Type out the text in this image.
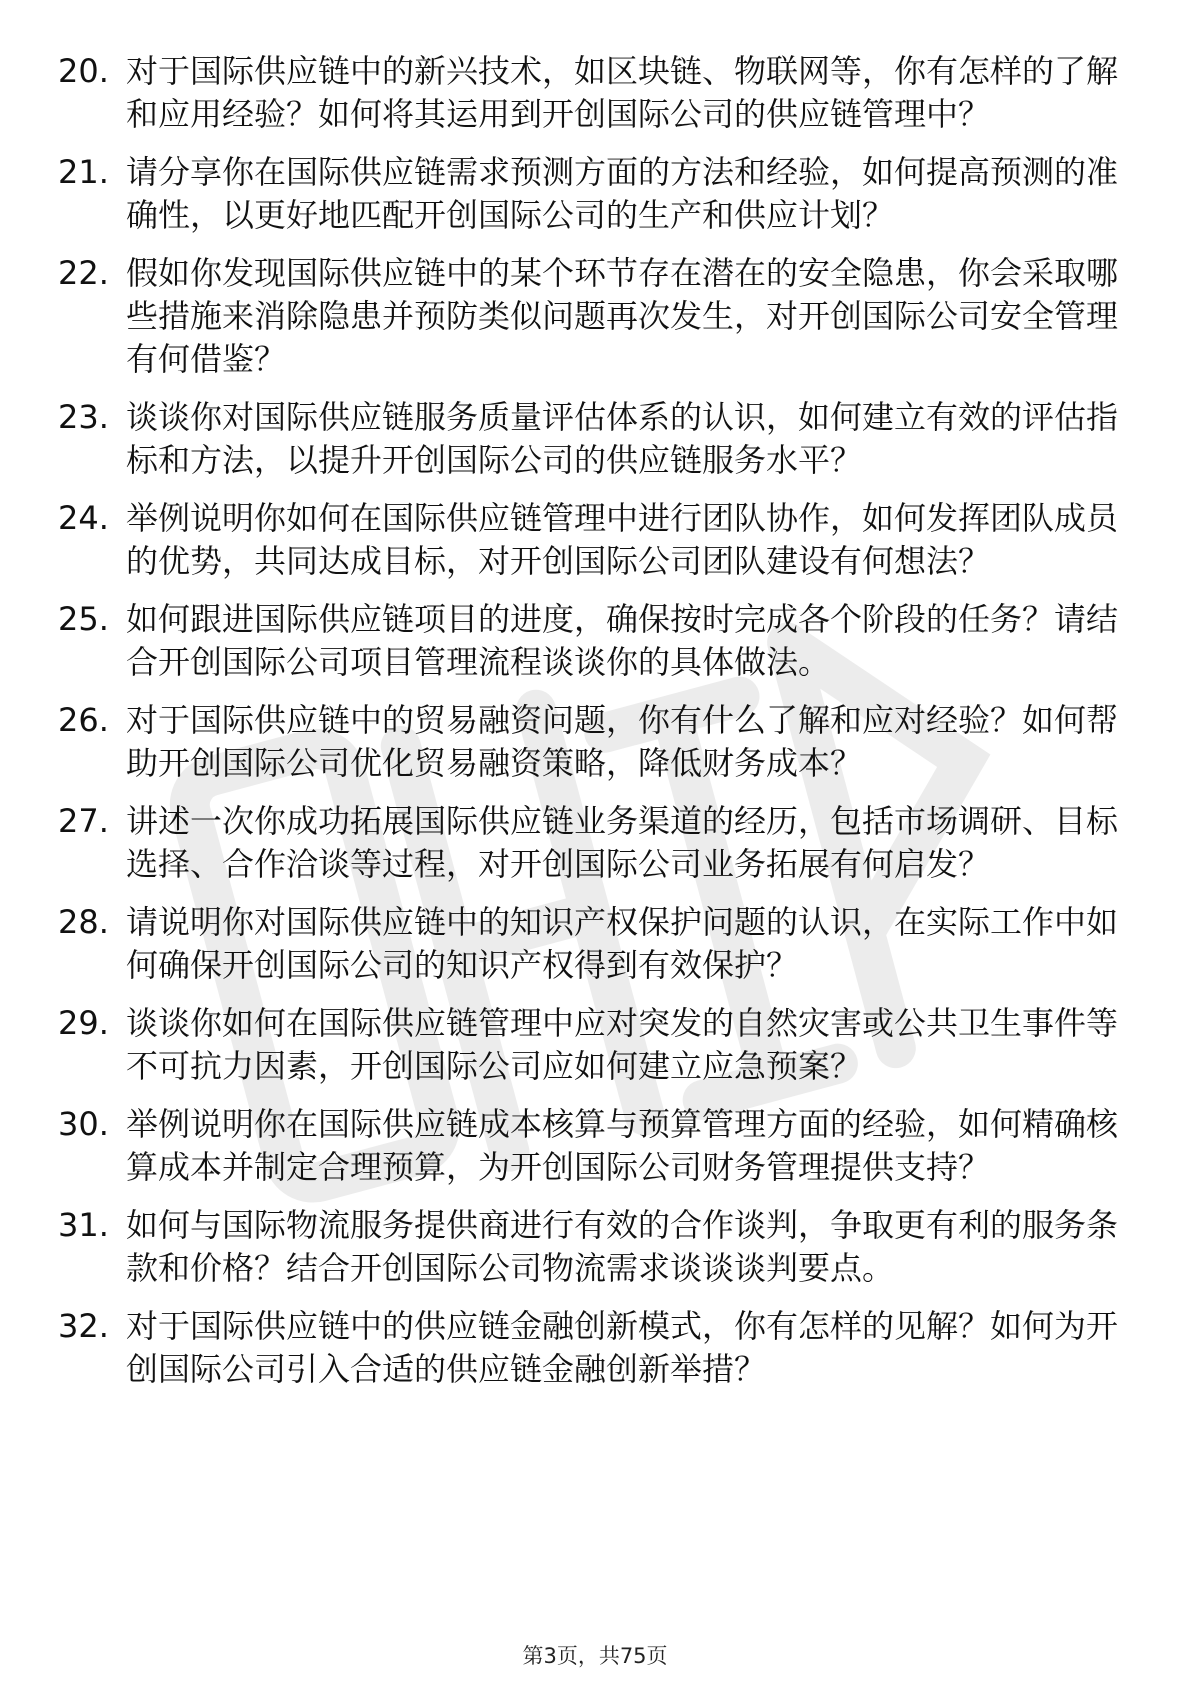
20. 对于国际供应链中的新兴技术，如区块链、物联网等，你有怎样的了解和应用经验？如何将其运用到开创国际公司的供应链管理中？
21. 请分享你在国际供应链需求预测方面的方法和经验，如何提高预测的准确性，以更好地匹配开创国际公司的生产和供应计划？
22. 假如你发现国际供应链中的某个环节存在潜在的安全隐患，你会采取哪些措施来消除隐患并预防类似问题再次发生，对开创国际公司安全管理有何借鉴？
23. 谈谈你对国际供应链服务质量评估体系的认识，如何建立有效的评估指标和方法，以提升开创国际公司的供应链服务水平？
24. 举例说明你如何在国际供应链管理中进行团队协作，如何发挥团队成员的优势，共同达成目标，对开创国际公司团队建设有何想法？
25. 如何跟进国际供应链项目的进度，确保按时完成各个阶段的任务？请结合开创国际公司项目管理流程谈谈你的具体做法。
26. 对于国际供应链中的贸易融资问题，你有什么了解和应对经验？如何帮助开创国际公司优化贸易融资策略，降低财务成本？
27. 讲述一次你成功拓展国际供应链业务渠道的经历，包括市场调研、目标选择、合作洽谈等过程，对开创国际公司业务拓展有何启发？
28. 请说明你对国际供应链中的知识产权保护问题的认识，在实际工作中如何确保开创国际公司的知识产权得到有效保护？
29. 谈谈你如何在国际供应链管理中应对突发的自然灾害或公共卫生事件等不可抗力因素，开创国际公司应如何建立应急预案？
30. 举例说明你在国际供应链成本核算与预算管理方面的经验，如何精确核算成本并制定合理预算，为开创国际公司财务管理提供支持？
31. 如何与国际物流服务提供商进行有效的合作谈判，争取更有利的服务条款和价格？结合开创国际公司物流需求谈谈谈判要点。
32. 对于国际供应链中的供应链金融创新模式，你有怎样的见解？如何为开创国际公司引入合适的供应链金融创新举措？
第3页，共75页
